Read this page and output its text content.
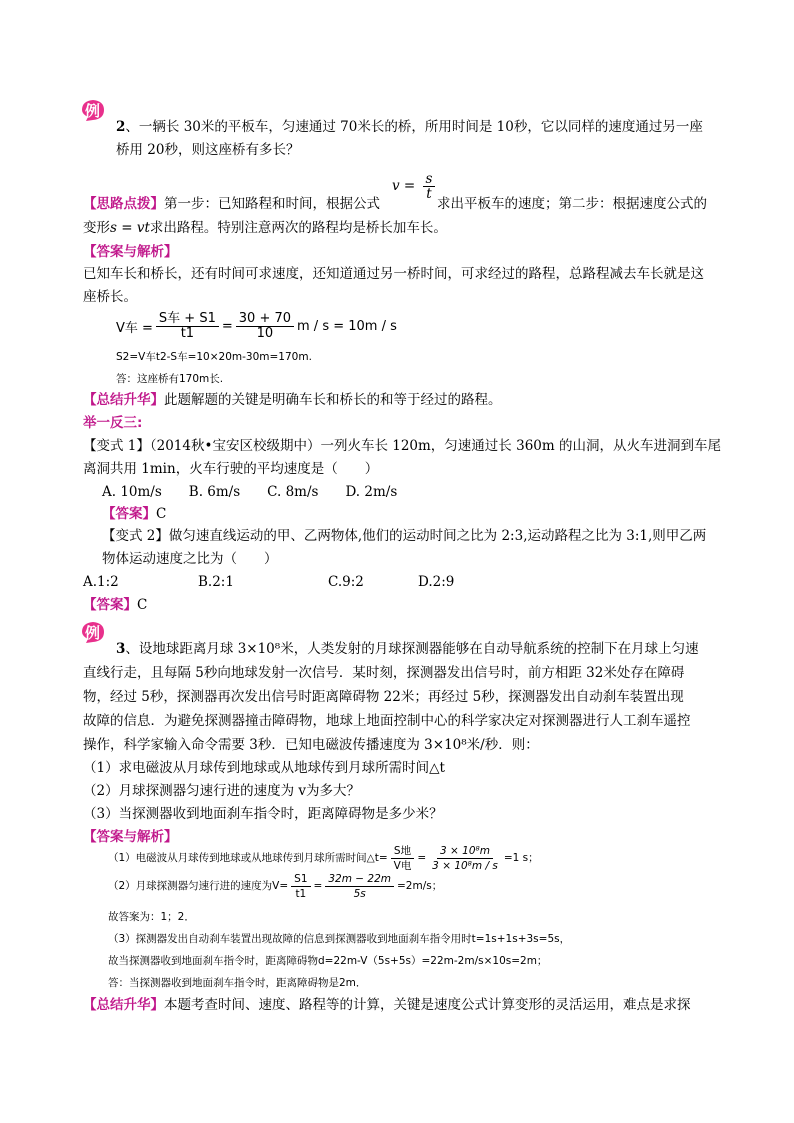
例
2、一辆长 30米的平板车，匀速通过 70米长的桥，所用时间是 10秒，它以同样的速度通过另一座
桥用 20秒，则这座桥有多长？
$v = \frac{s}{t}$
【思路点拨】第一步：已知路程和时间，根据公式	求出平板车的速度；第二步：根据速度公式的
变形s = vt求出路程。特别注意两次的路程均是桥长加车长。
【答案与解析】
已知车长和桥长，还有时间可求速度，还知道通过另一桥时间，可求经过的路程，总路程减去车长就是这
座桥长。
V车 = $\frac{\text{S车 + S1}}{t1} = \frac{30 + 70}{10}$ m / s = 10m / s
S2=V车t2-S车=10×20m-30m=170m.
答：这座桥有170m长.
【总结升华】此题解题的关键是明确车长和桥长的和等于经过的路程。
举一反三:
【变式 1】（2014秋•宝安区校级期中）一列火车长 120m，匀速通过长 360m 的山洞，从火车进洞到车尾
离洞共用 1min，火车行驶的平均速度是（　　）
A. 10m/s　　B. 6m/s　　C. 8m/s　　D. 2m/s
【答案】C
【变式 2】做匀速直线运动的甲、乙两物体,他们的运动时间之比为 2:3,运动路程之比为 3:1,则甲乙两
物体运动速度之比为（　　）
A.1:2	B.2:1	C.9:2	D.2:9
【答案】C
例
3、设地球距离月球 3×10⁸米，人类发射的月球探测器能够在自动导航系统的控制下在月球上匀速
直线行走，且每隔 5秒向地球发射一次信号．某时刻，探测器发出信号时，前方相距 32米处存在障碍
物，经过 5秒，探测器再次发出信号时距离障碍物 22米；再经过 5秒，探测器发出自动刹车装置出现
故障的信息．为避免探测器撞击障碍物，地球上地面控制中心的科学家决定对探测器进行人工刹车遥控
操作，科学家输入命令需要 3秒．已知电磁波传播速度为 3×10⁸米/秒．则：
（1）求电磁波从月球传到地球或从地球传到月球所需时间△t
（2）月球探测器匀速行进的速度为 v为多大？
（3）当探测器收到地面刹车指令时，距离障碍物是多少米？
【答案与解析】
（1）电磁波从月球传到地球或从地球传到月球所需时间△t= $\frac{\text{S地}}{\text{V电}} = \frac{\text{3 × 10⁸m}}{\text{3 × 10⁸m / s}} =1$ s；
（2）月球探测器匀速行进的速度为$V= \frac{S1}{t1} = \frac{32m - 22m}{5s} =2m/s$；
故答案为：1；2．
（3）探测器发出自动刹车装置出现故障的信息到探测器收到地面刹车指令用时t=1s+1s+3s=5s，
故当探测器收到地面刹车指令时，距离障碍物d=22m-V（5s+5s）=22m-2m/s×10s=2m；
答：当探测器收到地面刹车指令时，距离障碍物是2m．
【总结升华】本题考查时间、速度、路程等的计算，关键是速度公式计算变形的灵活运用，难点是求探
